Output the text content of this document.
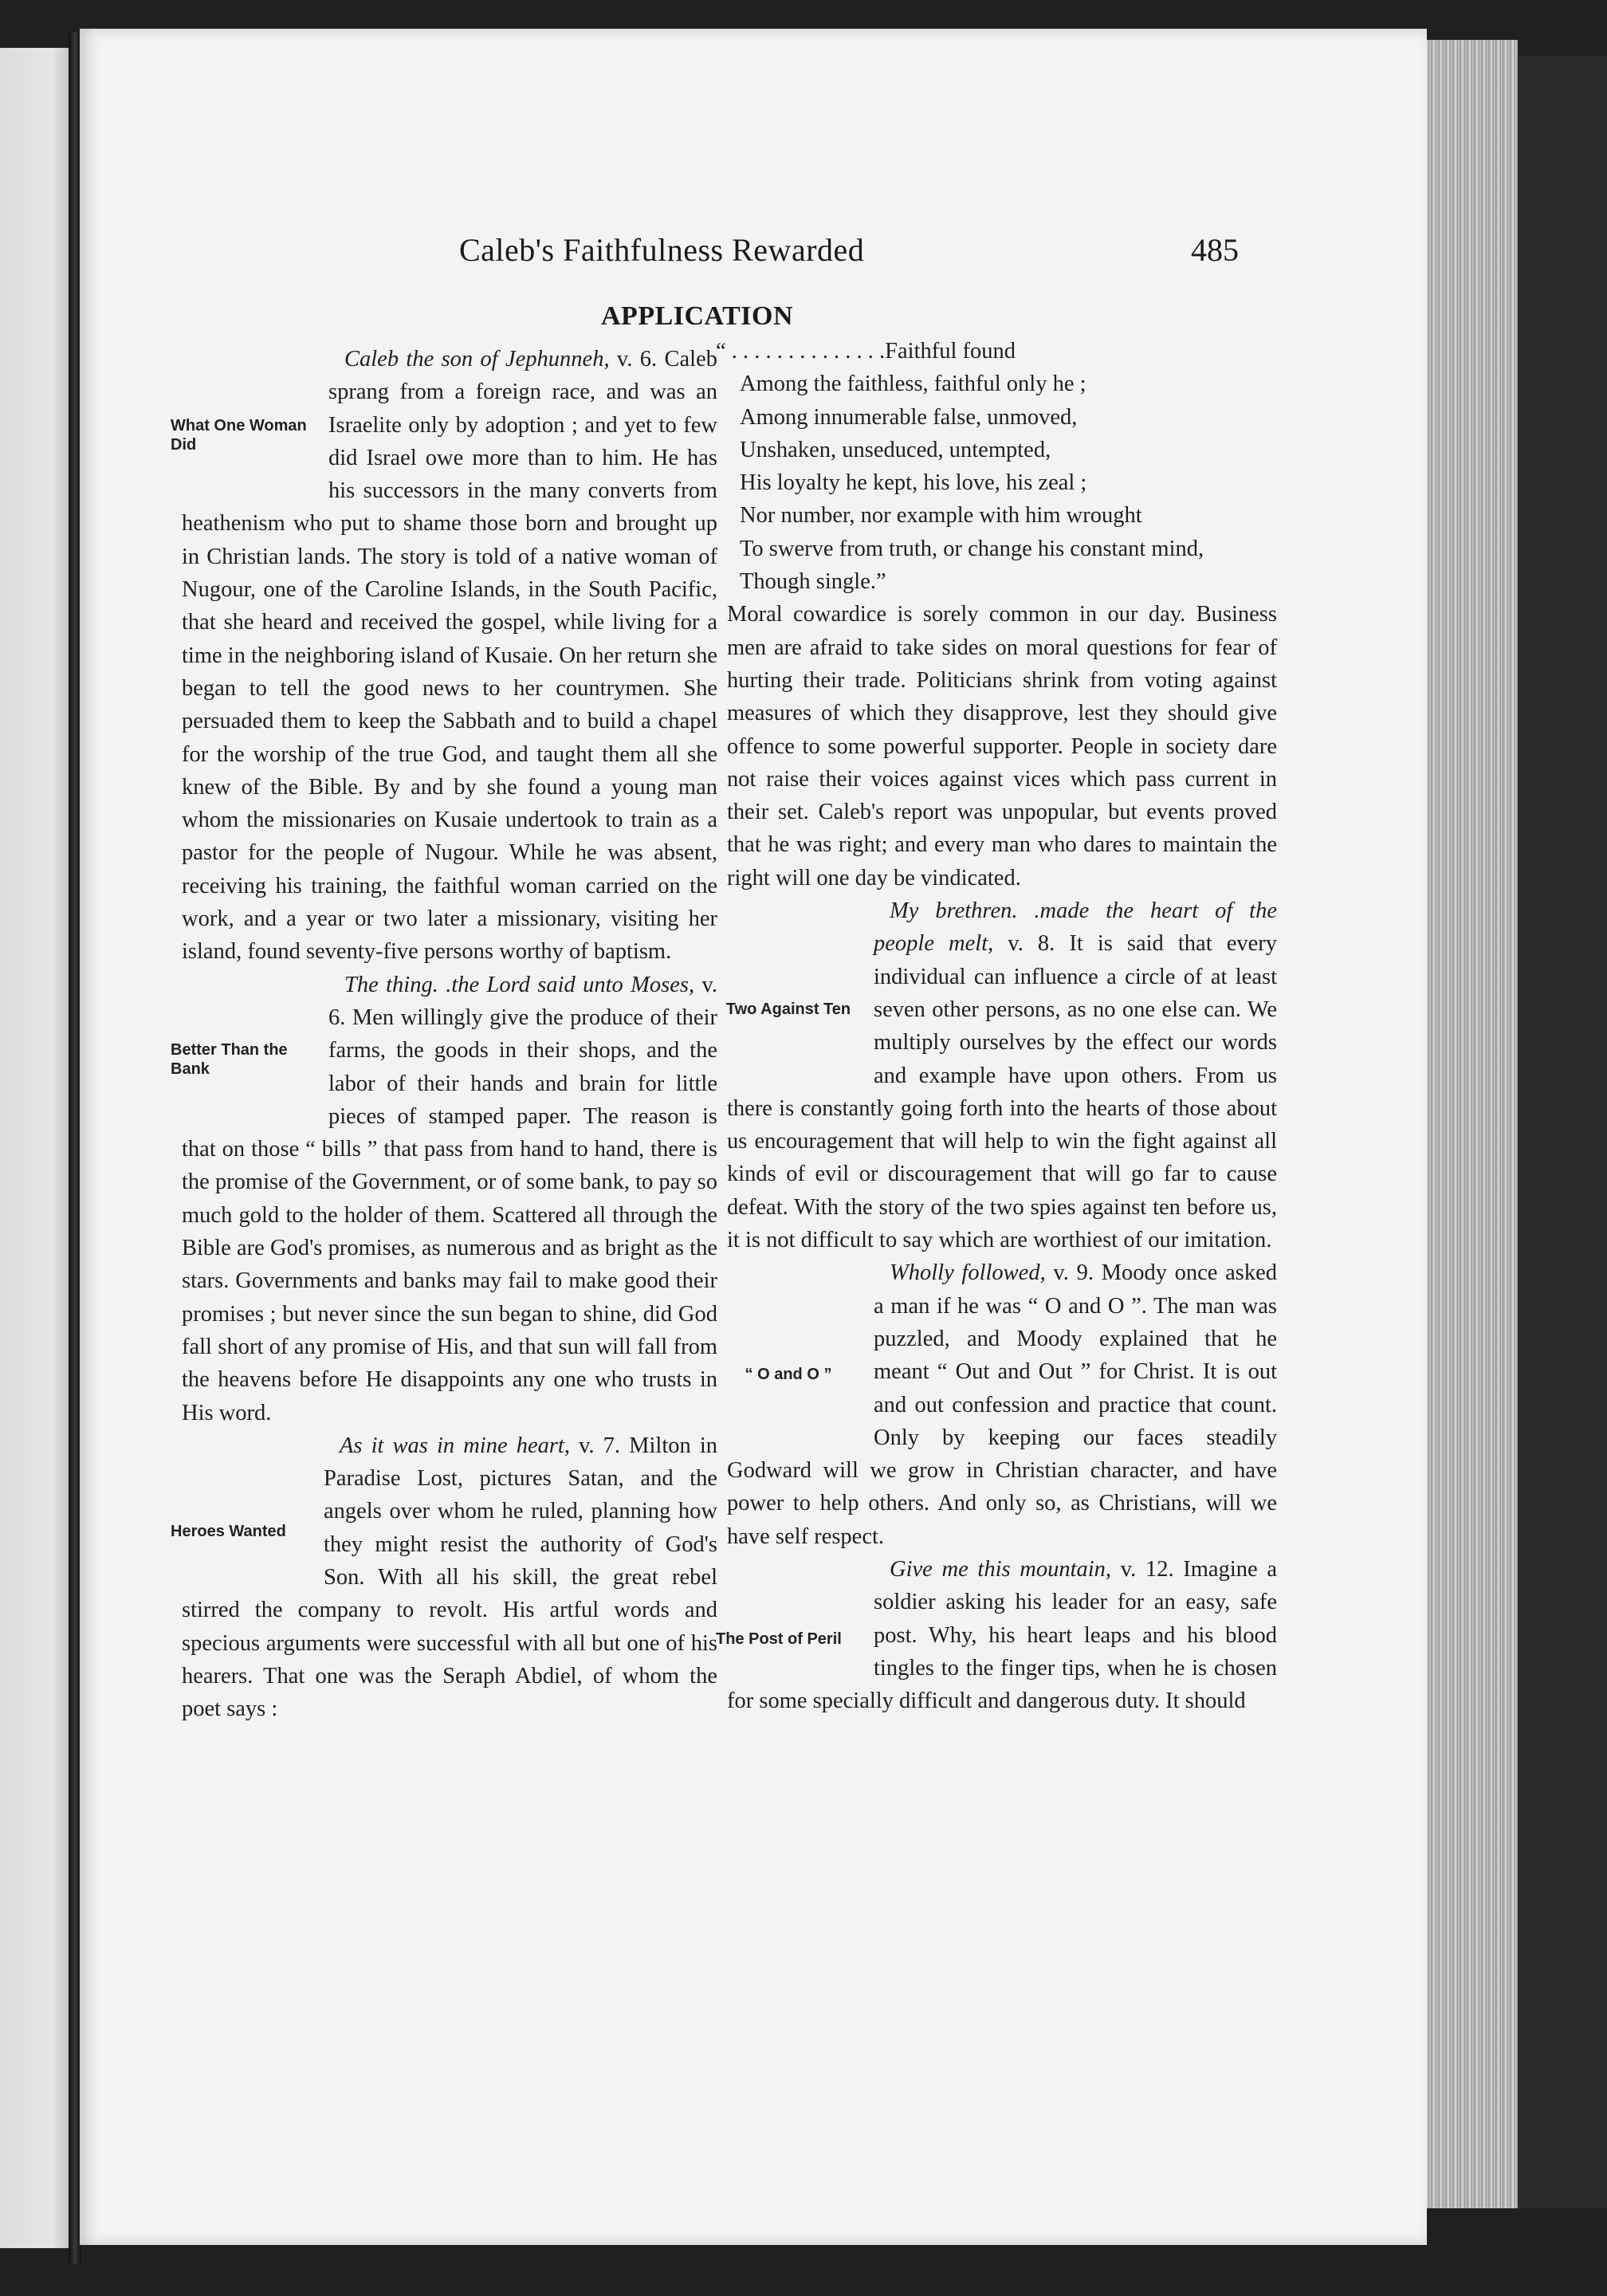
Caleb's Faithfulness Rewarded	485
APPLICATION

What One Woman Did
Caleb the son of Jephunneh, v. 6. Caleb sprang from a foreign race, and was an Israelite only by adoption ; and yet to few did Israel owe more than to him. He has his successors in the many converts from heathenism who put to shame those born and brought up in Christian lands. The story is told of a native woman of Nugour, one of the Caroline Islands, in the South Pacific, that she heard and received the gospel, while living for a time in the neighboring island of Kusaie. On her return she began to tell the good news to her countrymen. She persuaded them to keep the Sabbath and to build a chapel for the worship of the true God, and taught them all she knew of the Bible. By and by she found a young man whom the missionaries on Kusaie undertook to train as a pastor for the people of Nugour. While he was absent, receiving his training, the faithful woman carried on the work, and a year or two later a missionary, visiting her island, found seventy-five persons worthy of baptism.

Better Than the Bank
The thing. .the Lord said unto Moses, v. 6. Men willingly give the produce of their farms, the goods in their shops, and the labor of their hands and brain for little pieces of stamped paper. The reason is that on those “ bills ” that pass from hand to hand, there is the promise of the Government, or of some bank, to pay so much gold to the holder of them. Scattered all through the Bible are God's promises, as numerous and as bright as the stars. Governments and banks may fail to make good their promises ; but never since the sun began to shine, did God fall short of any promise of His, and that sun will fall from the heavens before He disappoints any one who trusts in His word.

Heroes Wanted
As it was in mine heart, v. 7. Milton in Paradise Lost, pictures Satan, and the angels over whom he ruled, planning how they might resist the authority of God's Son. With all his skill, the great rebel stirred the company to revolt. His artful words and specious arguments were successful with all but one of his hearers. That one was the Seraph Abdiel, of whom the poet says :

“ . . . . . . . . . . . . . .Faithful found
Among the faithless, faithful only he ;
Among innumerable false, unmoved,
Unshaken, unseduced, untempted,
His loyalty he kept, his love, his zeal ;
Nor number, nor example with him wrought
To swerve from truth, or change his constant mind,
Though single.”

Moral cowardice is sorely common in our day. Business men are afraid to take sides on moral questions for fear of hurting their trade. Politicians shrink from voting against measures of which they disapprove, lest they should give offence to some powerful supporter. People in society dare not raise their voices against vices which pass current in their set. Caleb's report was unpopular, but events proved that he was right; and every man who dares to maintain the right will one day be vindicated.

Two Against Ten
My brethren. .made the heart of the people melt, v. 8. It is said that every individual can influence a circle of at least seven other persons, as no one else can. We multiply ourselves by the effect our words and example have upon others. From us there is constantly going forth into the hearts of those about us encouragement that will help to win the fight against all kinds of evil or discouragement that will go far to cause defeat. With the story of the two spies against ten before us, it is not difficult to say which are worthiest of our imitation.

“ O and O ”
Wholly followed, v. 9. Moody once asked a man if he was “ O and O ”. The man was puzzled, and Moody explained that he meant “ Out and Out ” for Christ. It is out and out confession and practice that count. Only by keeping our faces steadily Godward will we grow in Christian character, and have power to help others. And only so, as Christians, will we have self respect.

The Post of Peril
Give me this mountain, v. 12. Imagine a soldier asking his leader for an easy, safe post. Why, his heart leaps and his blood tingles to the finger tips, when he is chosen for some specially difficult and dangerous duty. It should
